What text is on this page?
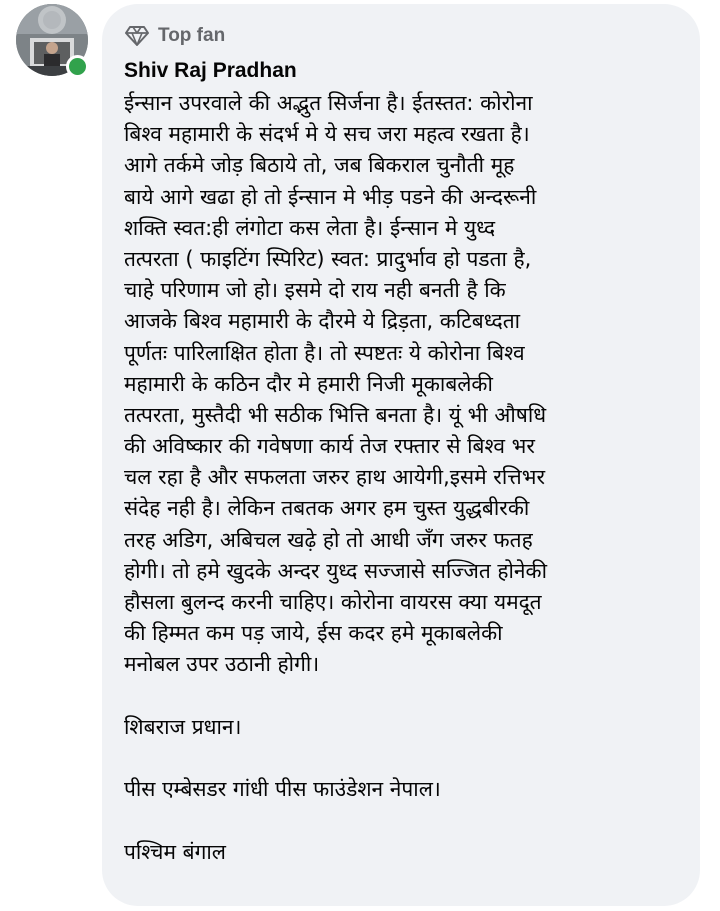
Top fan
Shiv Raj Pradhan
ईन्सान उपरवाले की अद्भुत सिर्जना है। ईतस्तत: कोरोना
बिश्व महामारी के संदर्भ मे ये सच जरा महत्व रखता है।
आगे तर्कमे जोड़ बिठाये तो, जब बिकराल चुनौती मूह
बाये आगे खढा हो तो ईन्सान मे भीड़ पडने की अन्दरूनी
शक्ति स्वत:ही लंगोटा कस लेता है। ईन्सान मे युध्द
तत्परता ( फाइटिंग स्पिरिट) स्वत: प्रादुर्भाव हो पडता है,
चाहे परिणाम जो हो। इसमे दो राय नही बनती है कि
आजके बिश्व महामारी के दौरमे ये द्रिड़ता, कटिबध्दता
पूर्णतः पारिलाक्षित होता है। तो स्पष्टतः ये कोरोना बिश्व
महामारी के कठिन दौर मे हमारी निजी मूकाबलेकी
तत्परता, मुस्तैदी भी सठीक भित्ति बनता है। यूं भी औषधि
की अविष्कार की गवेषणा कार्य तेज रफ्तार से बिश्व भर
चल रहा है और सफलता जरुर हाथ आयेगी,इसमे रत्तिभर
संदेह नही है। लेकिन तबतक अगर हम चुस्त युद्धबीरकी
तरह अडिग, अबिचल खढ़े हो तो आधी जँग जरुर फतह
होगी। तो हमे खुदके अन्दर युध्द सज्जासे सज्जित होनेकी
हौसला बुलन्द करनी चाहिए। कोरोना वायरस क्या यमदूत
की हिम्मत कम पड़ जाये, ईस कदर हमे मूकाबलेकी
मनोबल उपर उठानी होगी।
शिबराज प्रधान।
पीस एम्बेसडर गांधी पीस फाउंडेशन नेपाल।
पश्चिम बंगाल
